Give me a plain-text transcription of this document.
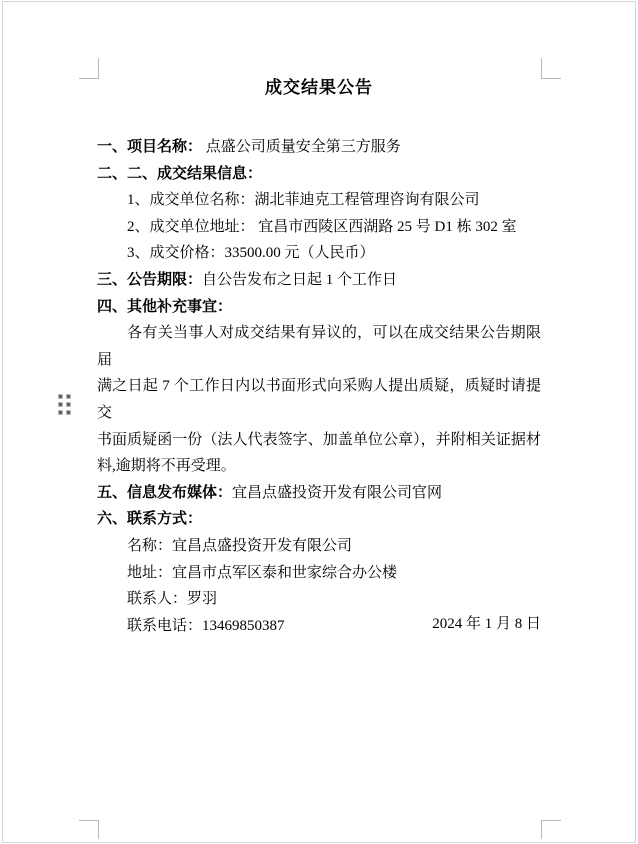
成交结果公告
一、项目名称： 点盛公司质量安全第三方服务
二、二、成交结果信息：
1、成交单位名称：湖北菲迪克工程管理咨询有限公司
2、成交单位地址： 宜昌市西陵区西湖路 25 号 D1 栋 302 室
3、成交价格：33500.00 元（人民币）
三、公告期限：自公告发布之日起 1 个工作日
四、其他补充事宜：
各有关当事人对成交结果有异议的，可以在成交结果公告期限届
满之日起 7 个工作日内以书面形式向采购人提出质疑，质疑时请提交
书面质疑函一份（法人代表签字、加盖单位公章），并附相关证据材
料,逾期将不再受理。
五、信息发布媒体：宜昌点盛投资开发有限公司官网
六、联系方式：
名称：宜昌点盛投资开发有限公司
地址：宜昌市点军区泰和世家综合办公楼
联系人：罗羽
联系电话：13469850387	2024 年 1 月 8 日
